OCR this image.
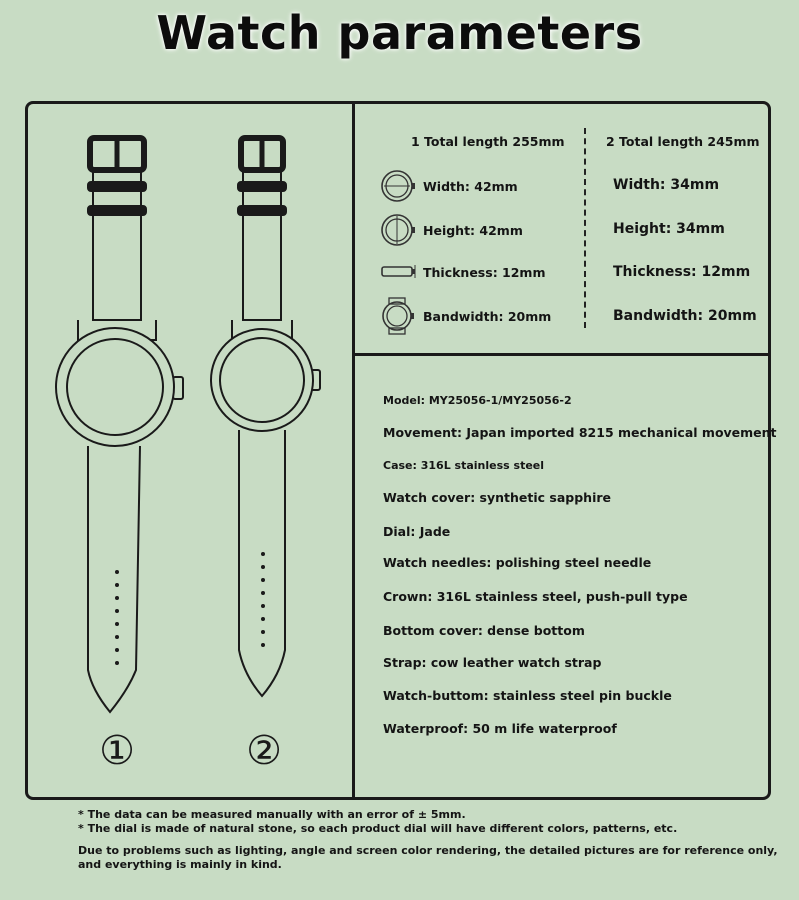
Watch parameters
①	②
1 Total length 255mm	2 Total length 245mm
Width: 42mm
Height: 42mm
Thickness: 12mm
Bandwidth: 20mm
Width: 34mm
Height: 34mm
Thickness: 12mm
Bandwidth: 20mm
Model: MY25056-1/MY25056-2
Movement: Japan imported 8215 mechanical movement
Case: 316L stainless steel
Watch cover: synthetic sapphire
Dial: Jade
Watch needles: polishing steel needle
Crown: 316L stainless steel, push-pull type
Bottom cover: dense bottom
Strap: cow leather watch strap
Watch-buttom: stainless steel pin buckle
Waterproof: 50 m life waterproof
* The data can be measured manually with an error of ± 5mm.
* The dial is made of natural stone, so each product dial will have different colors, patterns, etc.
Due to problems such as lighting, angle and screen color rendering, the detailed pictures are for reference only,
and everything is mainly in kind.
